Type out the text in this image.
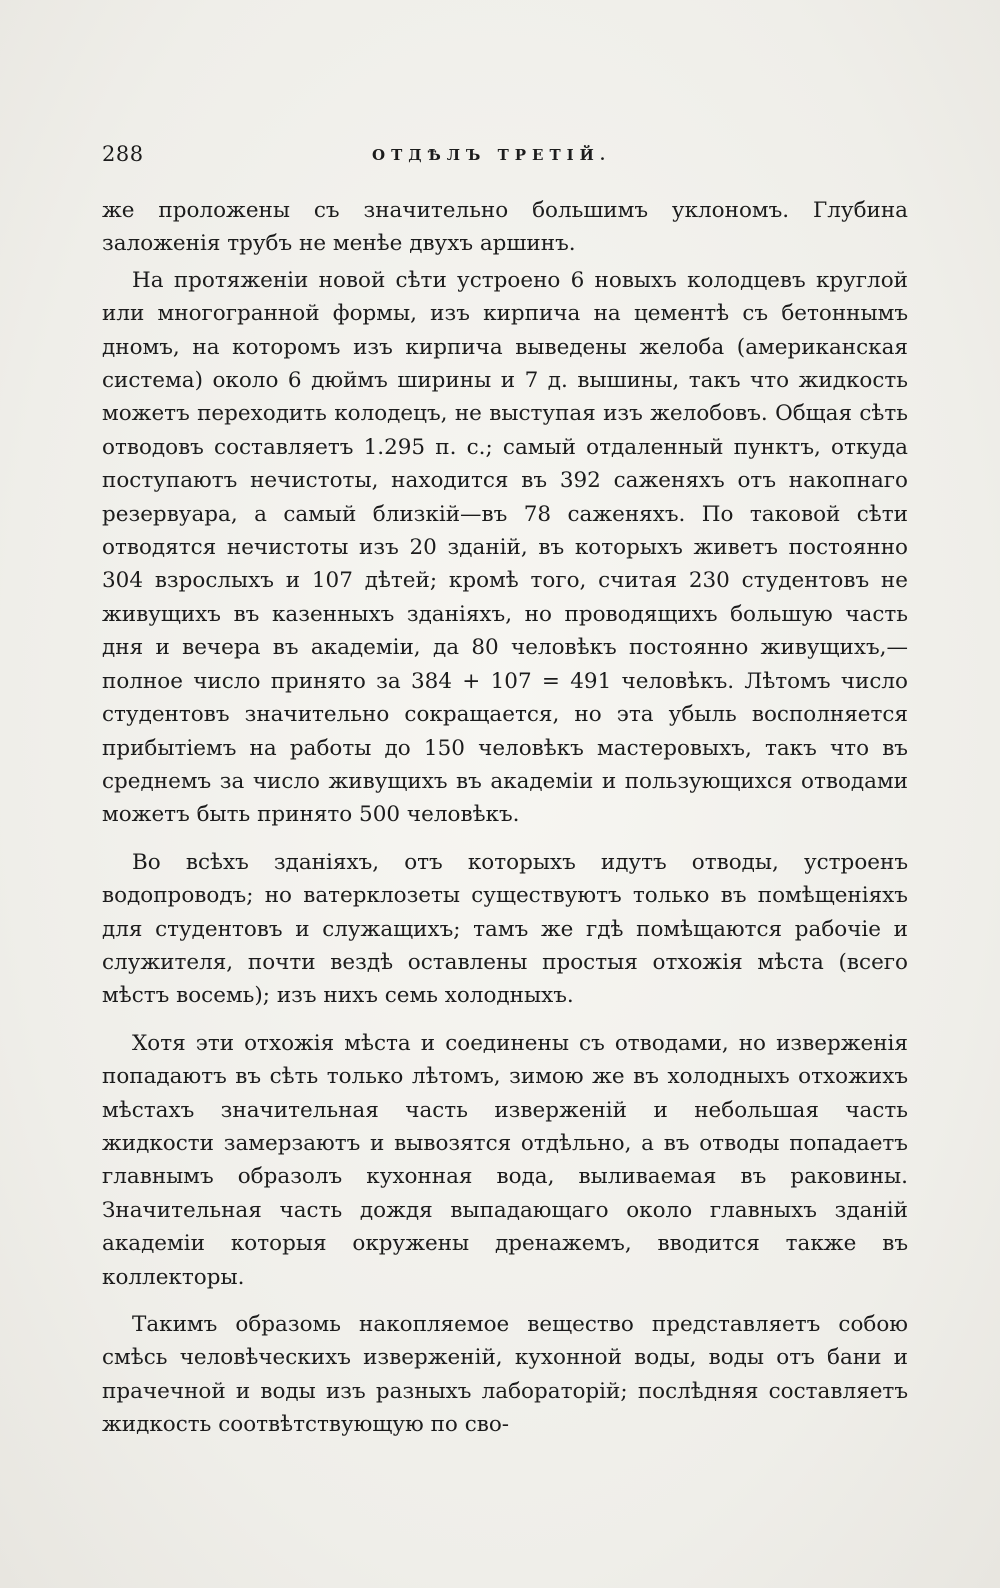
288	ОТДѢЛЪ ТРЕТІЙ.

же проложены съ значительно большимъ уклономъ. Глубина заложенія трубъ не менѣе двухъ аршинъ.

На протяженіи новой сѣти устроено 6 новыхъ колодцевъ круглой или многогранной формы, изъ кирпича на цементѣ съ бетоннымъ дномъ, на которомъ изъ кирпича выведены желоба (американская система) около 6 дюймъ ширины и 7 д. вышины, такъ что жидкость можетъ переходить колодецъ, не выступая изъ желобовъ. Общая сѣть отводовъ составляетъ 1.295 п. с.; самый отдаленный пунктъ, откуда поступаютъ нечистоты, находится въ 392 саженяхъ отъ накопнаго резервуара, а самый близкій—въ 78 саженяхъ. По таковой сѣти отводятся нечистоты изъ 20 зданій, въ которыхъ живетъ постоянно 304 взрослыхъ и 107 дѣтей; кромѣ того, считая 230 студентовъ не живущихъ въ казенныхъ зданіяхъ, но проводящихъ большую часть дня и вечера въ академіи, да 80 человѣкъ постоянно живущихъ,—полное число принято за 384 + 107 = 491 человѣкъ. Лѣтомъ число студентовъ значительно сокращается, но эта убыль восполняется прибытіемъ на работы до 150 человѣкъ мастеровыхъ, такъ что въ среднемъ за число живущихъ въ академіи и пользующихся отводами можетъ быть принято 500 человѣкъ.

Во всѣхъ зданіяхъ, отъ которыхъ идутъ отводы, устроенъ водопроводъ; но ватерклозеты существуютъ только въ помѣщеніяхъ для студентовъ и служащихъ; тамъ же гдѣ помѣщаются рабочіе и служителя, почти вездѣ оставлены простыя отхожія мѣста (всего мѣстъ восемь); изъ нихъ семь холодныхъ.

Хотя эти отхожія мѣста и соединены съ отводами, но изверженія попадаютъ въ сѣть только лѣтомъ, зимою же въ холодныхъ отхожихъ мѣстахъ значительная часть изверженій и небольшая часть жидкости замерзаютъ и вывозятся отдѣльно, а въ отводы попадаетъ главнымъ образолъ кухонная вода, выливаемая въ раковины. Значительная часть дождя выпадающаго около главныхъ зданій академіи которыя окружены дренажемъ, вводится также въ коллекторы.

Такимъ образомь накопляемое вещество представляетъ собою смѣсь человѣческихъ изверженій, кухонной воды, воды отъ бани и прачечной и воды изъ разныхъ лабораторій; послѣдняя составляетъ жидкость соотвѣтствующую по сво-
